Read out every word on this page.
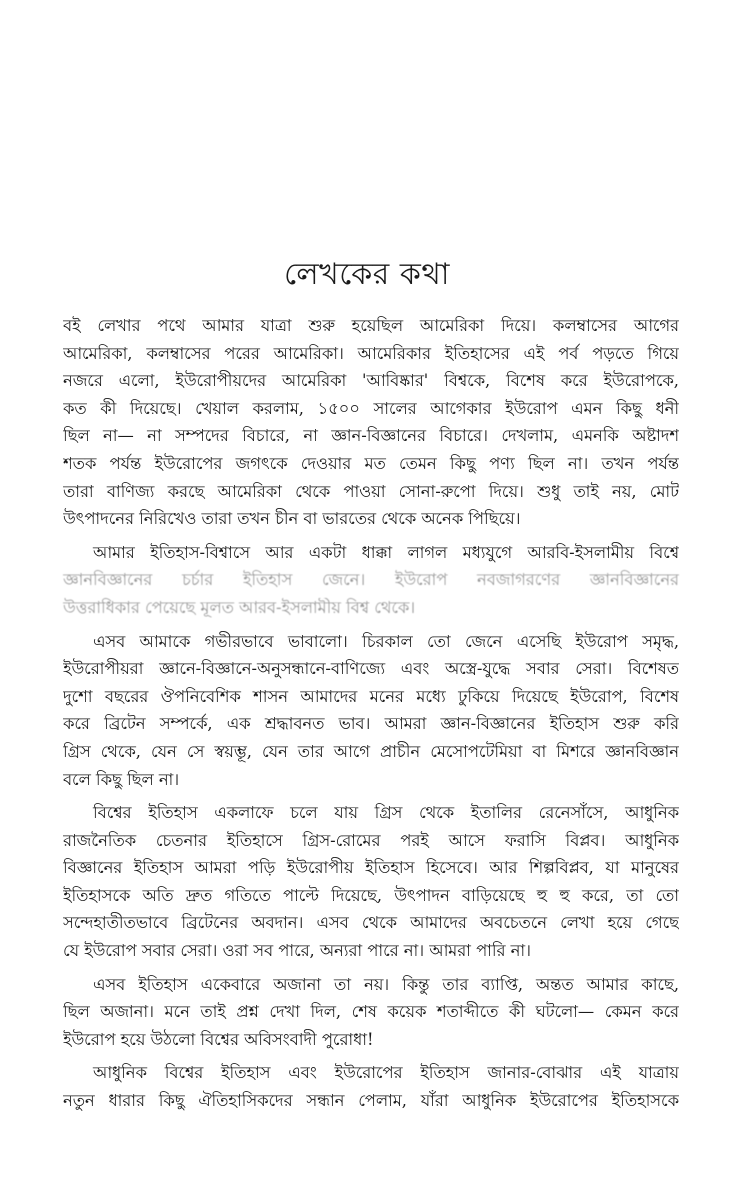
লেখকের কথা

বই লেখার পথে আমার যাত্রা শুরু হয়েছিল আমেরিকা দিয়ে। কলম্বাসের আগের
আমেরিকা, কলম্বাসের পরের আমেরিকা। আমেরিকার ইতিহাসের এই পর্ব পড়তে গিয়ে
নজরে এলো, ইউরোপীয়দের আমেরিকা 'আবিষ্কার' বিশ্বকে, বিশেষ করে ইউরোপকে,
কত কী দিয়েছে। খেয়াল করলাম, ১৫০০ সালের আগেকার ইউরোপ এমন কিছু ধনী
ছিল না— না সম্পদের বিচারে, না জ্ঞান-বিজ্ঞানের বিচারে। দেখলাম, এমনকি অষ্টাদশ
শতক পর্যন্ত ইউরোপের জগৎকে দেওয়ার মত তেমন কিছু পণ্য ছিল না। তখন পর্যন্ত
তারা বাণিজ্য করছে আমেরিকা থেকে পাওয়া সোনা-রুপো দিয়ে। শুধু তাই নয়, মোট
উৎপাদনের নিরিখেও তারা তখন চীন বা ভারতের থেকে অনেক পিছিয়ে।

আমার ইতিহাস-বিশ্বাসে আর একটা ধাক্কা লাগল মধ্যযুগে আরবি-ইসলামীয় বিশ্বে
জ্ঞানবিজ্ঞানের চর্চার ইতিহাস জেনে। ইউরোপ নবজাগরণের জ্ঞানবিজ্ঞানের
উত্তরাধিকার পেয়েছে মূলত আরব-ইসলামীয় বিশ্ব থেকে।

এসব আমাকে গভীরভাবে ভাবালো। চিরকাল তো জেনে এসেছি ইউরোপ সমৃদ্ধ,
ইউরোপীয়রা জ্ঞানে-বিজ্ঞানে-অনুসন্ধানে-বাণিজ্যে এবং অস্ত্রে-যুদ্ধে সবার সেরা। বিশেষত
দুশো বছরের ঔপনিবেশিক শাসন আমাদের মনের মধ্যে ঢুকিয়ে দিয়েছে ইউরোপ, বিশেষ
করে ব্রিটেন সম্পর্কে, এক শ্রদ্ধাবনত ভাব। আমরা জ্ঞান-বিজ্ঞানের ইতিহাস শুরু করি
গ্রিস থেকে, যেন সে স্বয়ম্ভূ, যেন তার আগে প্রাচীন মেসোপটেমিয়া বা মিশরে জ্ঞানবিজ্ঞান
বলে কিছু ছিল না।

বিশ্বের ইতিহাস একলাফে চলে যায় গ্রিস থেকে ইতালির রেনেসাঁসে, আধুনিক
রাজনৈতিক চেতনার ইতিহাসে গ্রিস-রোমের পরই আসে ফরাসি বিপ্লব। আধুনিক
বিজ্ঞানের ইতিহাস আমরা পড়ি ইউরোপীয় ইতিহাস হিসেবে। আর শিল্পবিপ্লব, যা মানুষের
ইতিহাসকে অতি দ্রুত গতিতে পাল্টে দিয়েছে, উৎপাদন বাড়িয়েছে হু হু করে, তা তো
সন্দেহাতীতভাবে ব্রিটেনের অবদান। এসব থেকে আমাদের অবচেতনে লেখা হয়ে গেছে
যে ইউরোপ সবার সেরা। ওরা সব পারে, অন্যরা পারে না। আমরা পারি না।

এসব ইতিহাস একেবারে অজানা তা নয়। কিন্তু তার ব্যাপ্তি, অন্তত আমার কাছে,
ছিল অজানা। মনে তাই প্রশ্ন দেখা দিল, শেষ কয়েক শতাব্দীতে কী ঘটলো— কেমন করে
ইউরোপ হয়ে উঠলো বিশ্বের অবিসংবাদী পুরোধা!

আধুনিক বিশ্বের ইতিহাস এবং ইউরোপের ইতিহাস জানার-বোঝার এই যাত্রায়
নতুন ধারার কিছু ঐতিহাসিকদের সন্ধান পেলাম, যাঁরা আধুনিক ইউরোপের ইতিহাসকে
